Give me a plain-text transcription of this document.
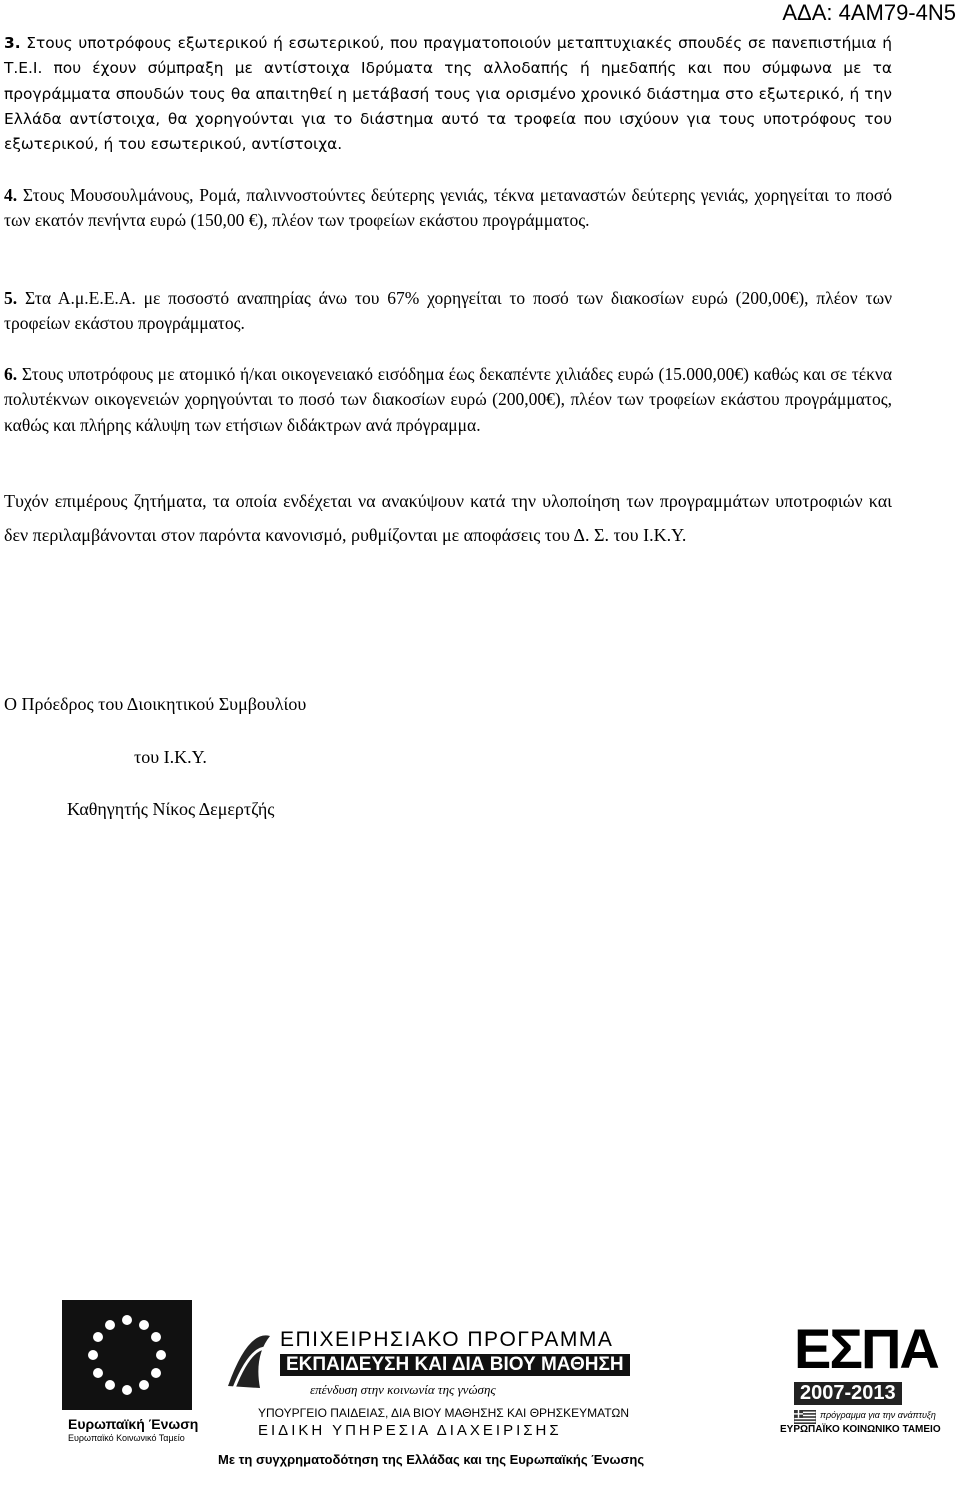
ΑΔΑ: 4ΑΜ79-4Ν5

3. Στους υποτρόφους εξωτερικού ή εσωτερικού, που πραγματοποιούν μεταπτυχιακές σπουδές σε πανεπιστήμια ή Τ.Ε.Ι. που έχουν σύμπραξη με αντίστοιχα Ιδρύματα της αλλοδαπής ή ημεδαπής και που σύμφωνα με τα προγράμματα σπουδών τους θα απαιτηθεί η μετάβασή τους για ορισμένο χρονικό διάστημα στο εξωτερικό, ή την Ελλάδα αντίστοιχα, θα χορηγούνται για το διάστημα αυτό τα τροφεία που ισχύουν για τους υποτρόφους του εξωτερικού, ή του εσωτερικού, αντίστοιχα.

4. Στους Μουσουλμάνους, Ρομά, παλιννοστούντες δεύτερης γενιάς, τέκνα μεταναστών δεύτερης γενιάς, χορηγείται το ποσό των εκατόν πενήντα ευρώ (150,00 €), πλέον των τροφείων εκάστου προγράμματος.

5. Στα Α.μ.Ε.Ε.Α. με ποσοστό αναπηρίας άνω του 67% χορηγείται το ποσό των διακοσίων ευρώ (200,00€), πλέον των τροφείων εκάστου προγράμματος.

6. Στους υποτρόφους με ατομικό ή/και οικογενειακό εισόδημα έως δεκαπέντε χιλιάδες ευρώ (15.000,00€) καθώς και σε τέκνα πολυτέκνων οικογενειών χορηγούνται το ποσό των διακοσίων ευρώ (200,00€), πλέον των τροφείων εκάστου προγράμματος, καθώς και πλήρης κάλυψη των ετήσιων διδάκτρων ανά πρόγραμμα.

Τυχόν επιμέρους ζητήματα, τα οποία ενδέχεται να ανακύψουν κατά την υλοποίηση των προγραμμάτων υποτροφιών και δεν περιλαμβάνονται στον παρόντα κανονισμό, ρυθμίζονται με αποφάσεις του Δ. Σ. του Ι.Κ.Υ.

Ο Πρόεδρος του Διοικητικού Συμβουλίου
του Ι.Κ.Υ.
Καθηγητής Νίκος Δεμερτζής
Ευρωπαϊκή Ένωση
Ευρωπαϊκό Κοινωνικό Ταμείο
ΕΠΙΧΕΙΡΗΣΙΑΚΟ ΠΡΟΓΡΑΜΜΑ
ΕΚΠΑΙΔΕΥΣΗ ΚΑΙ ΔΙΑ ΒΙΟΥ ΜΑΘΗΣΗ
επένδυση στην κοινωνία της γνώσης
ΥΠΟΥΡΓΕΙΟ ΠΑΙΔΕΙΑΣ, ΔΙΑ ΒΙΟΥ ΜΑΘΗΣΗΣ ΚΑΙ ΘΡΗΣΚΕΥΜΑΤΩΝ
ΕΙΔΙΚΗ ΥΠΗΡΕΣΙΑ ΔΙΑΧΕΙΡΙΣΗΣ
Με τη συγχρηματοδότηση της Ελλάδας και της Ευρωπαϊκής Ένωσης
ΕΣΠΑ
2007-2013
πρόγραμμα για την ανάπτυξη
ΕΥΡΩΠΑΪΚΟ ΚΟΙΝΩΝΙΚΟ ΤΑΜΕΙΟ
